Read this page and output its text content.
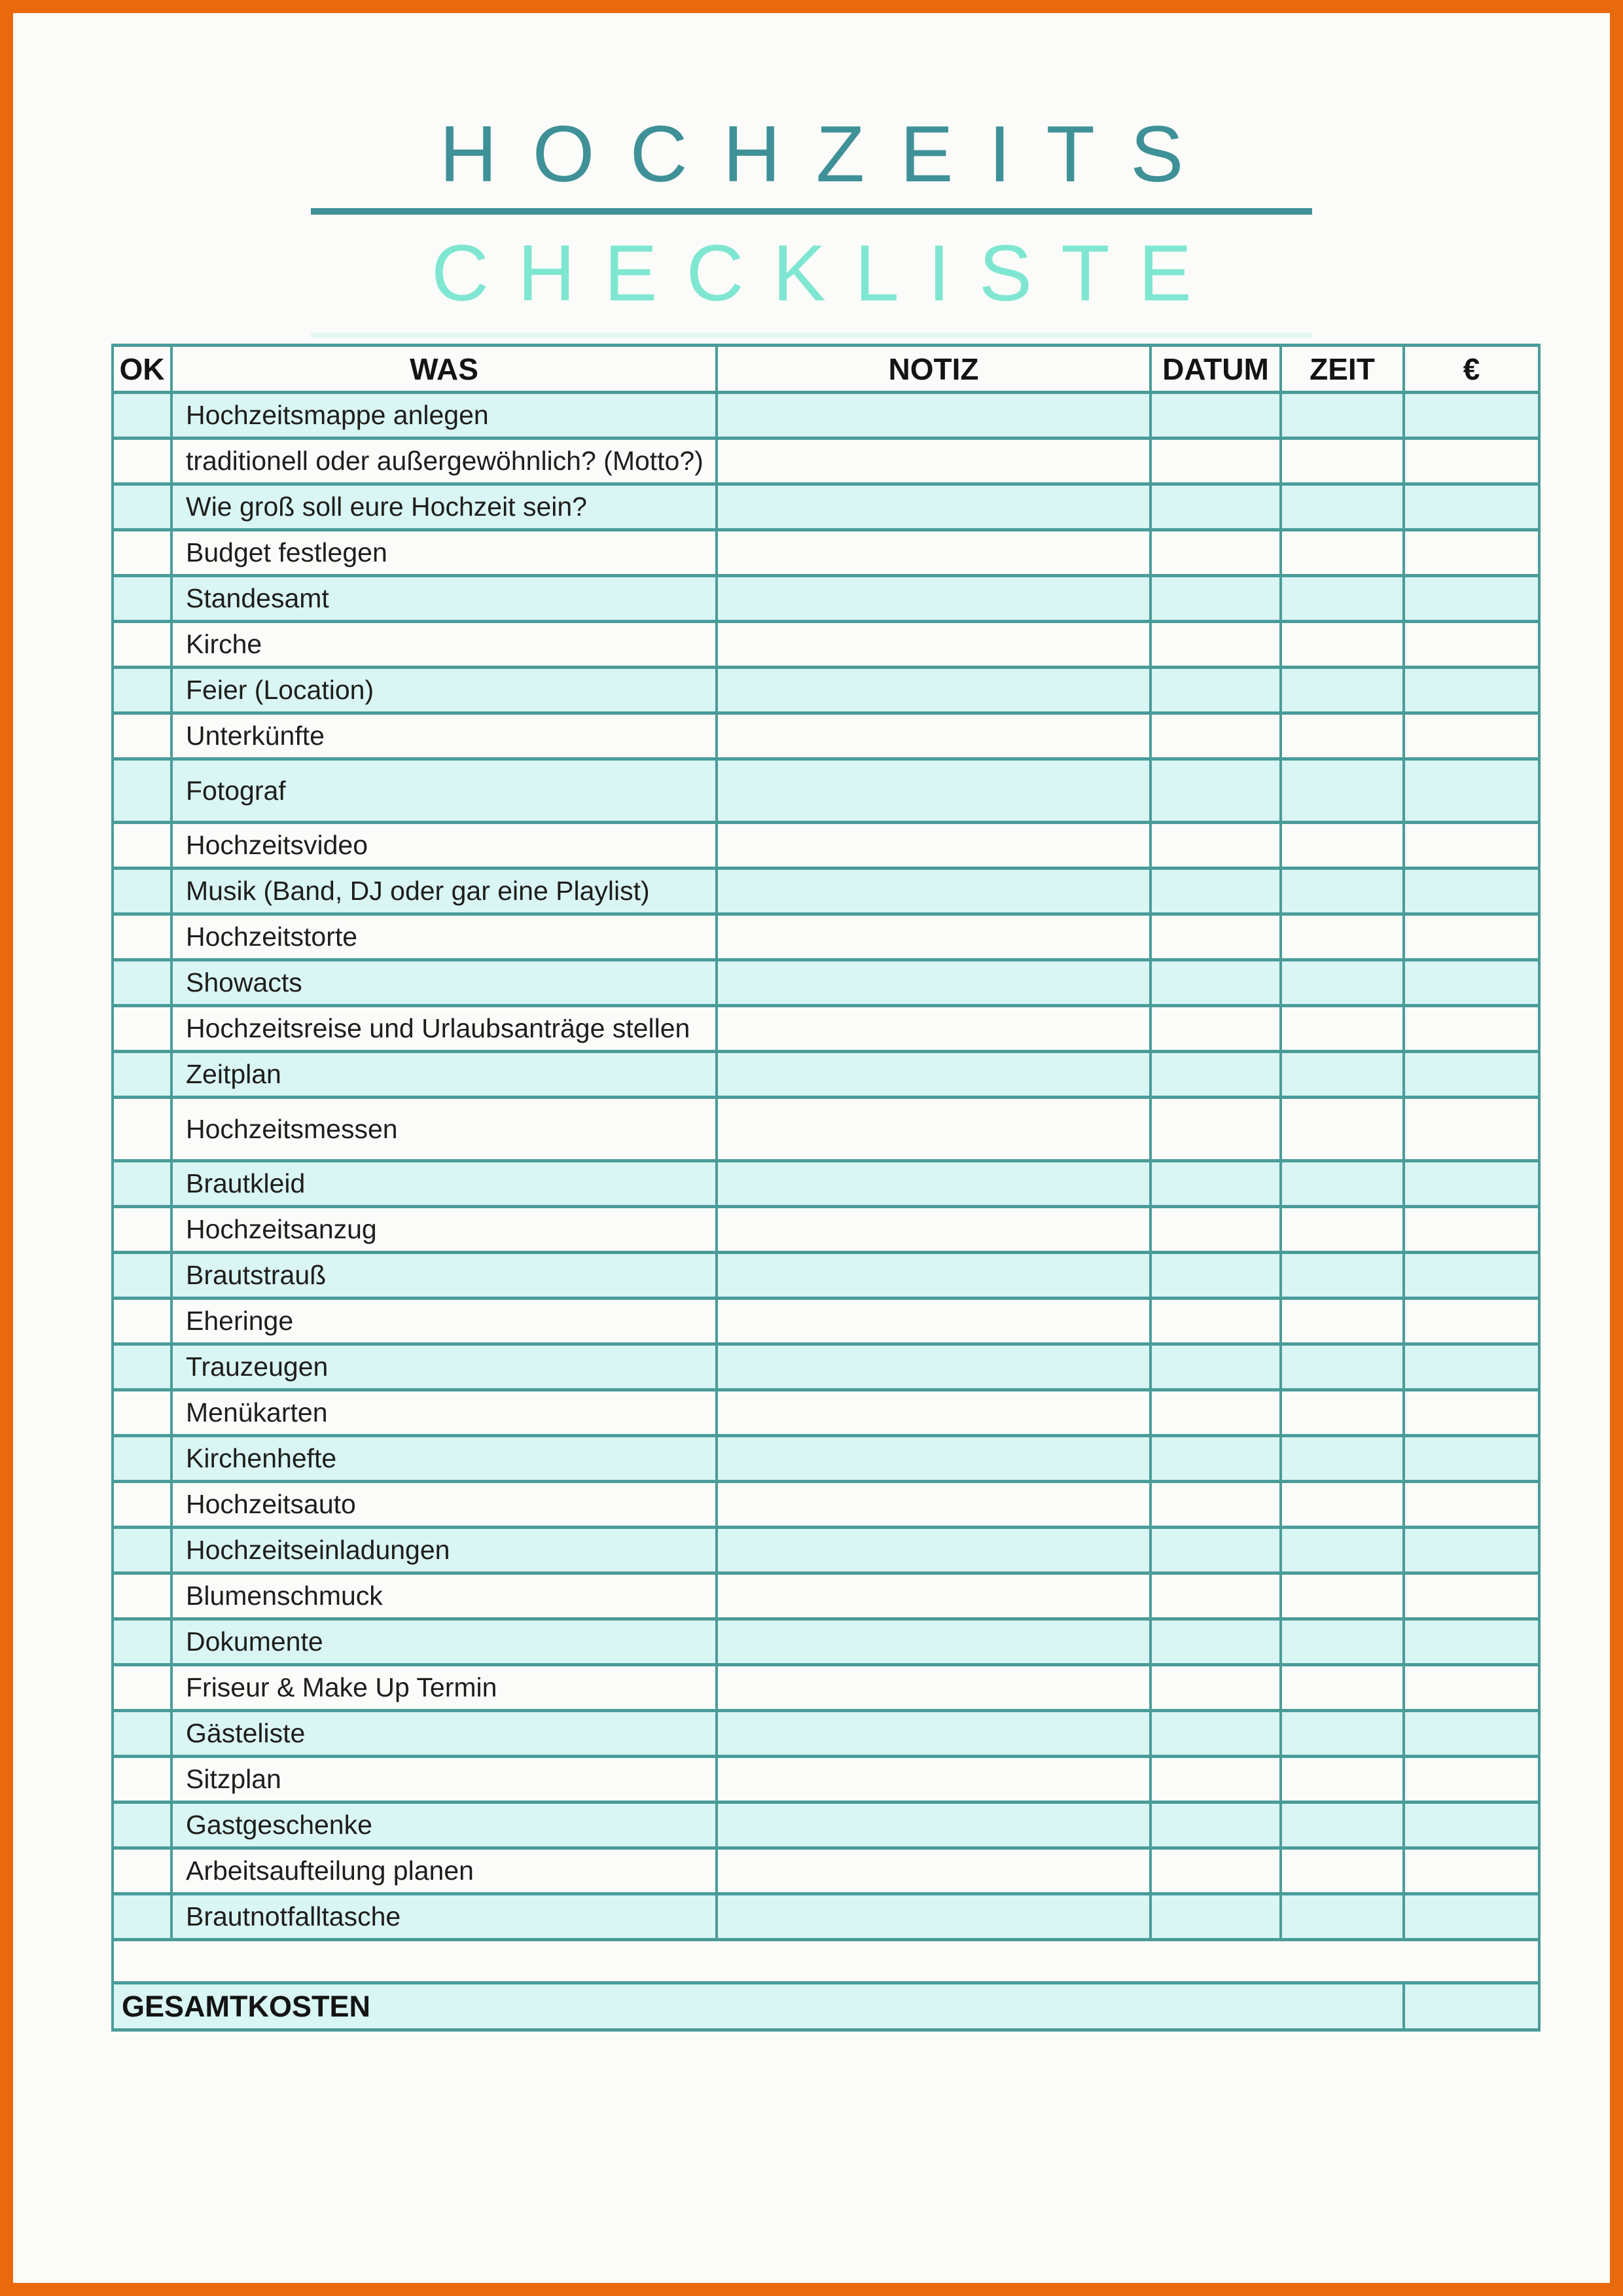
HOCHZEITS
CHECKLISTE
OK	WAS	NOTIZ	DATUM	ZEIT	€
	Hochzeitsmappe anlegen				
	traditionell oder außergewöhnlich? (Motto?)				
	Wie groß soll eure Hochzeit sein?				
	Budget festlegen				
	Standesamt				
	Kirche				
	Feier (Location)				
	Unterkünfte				
	Fotograf				
	Hochzeitsvideo				
	Musik (Band, DJ oder gar eine Playlist)				
	Hochzeitstorte				
	Showacts				
	Hochzeitsreise und Urlaubsanträge stellen				
	Zeitplan				
	Hochzeitsmessen				
	Brautkleid				
	Hochzeitsanzug				
	Brautstrauß				
	Eheringe				
	Trauzeugen				
	Menükarten				
	Kirchenhefte				
	Hochzeitsauto				
	Hochzeitseinladungen				
	Blumenschmuck				
	Dokumente				
	Friseur & Make Up Termin				
	Gästeliste				
	Sitzplan				
	Gastgeschenke				
	Arbeitsaufteilung planen				
	Brautnotfalltasche				

GESAMTKOSTEN					
